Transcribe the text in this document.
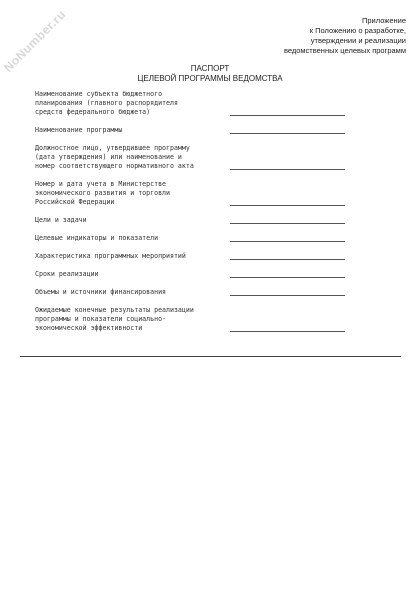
NoNumber.ru	Приложение
к Положению о разработке,
утверждении и реализации
ведомственных целевых программ
ПАСПОРТ
ЦЕЛЕВОЙ ПРОГРАММЫ ВЕДОМСТВА
Наименование субъекта бюджетного
планирования (главного распорядителя
средств федерального бюджета)
Наименование программы
Должностное лицо, утвердившее программу
(дата утверждения) или наименование и
номер соответствующего нормативного акта
Номер и дата учета в Министерстве
экономического развития и торговли
Российской Федерации
Цели и задачи
Целевые индикаторы и показатели
Характеристика программных мероприятий
Сроки реализации
Объемы и источники финансирования
Ожидаемые конечные результаты реализации
программы и показатели социально-
экономической эффективности
